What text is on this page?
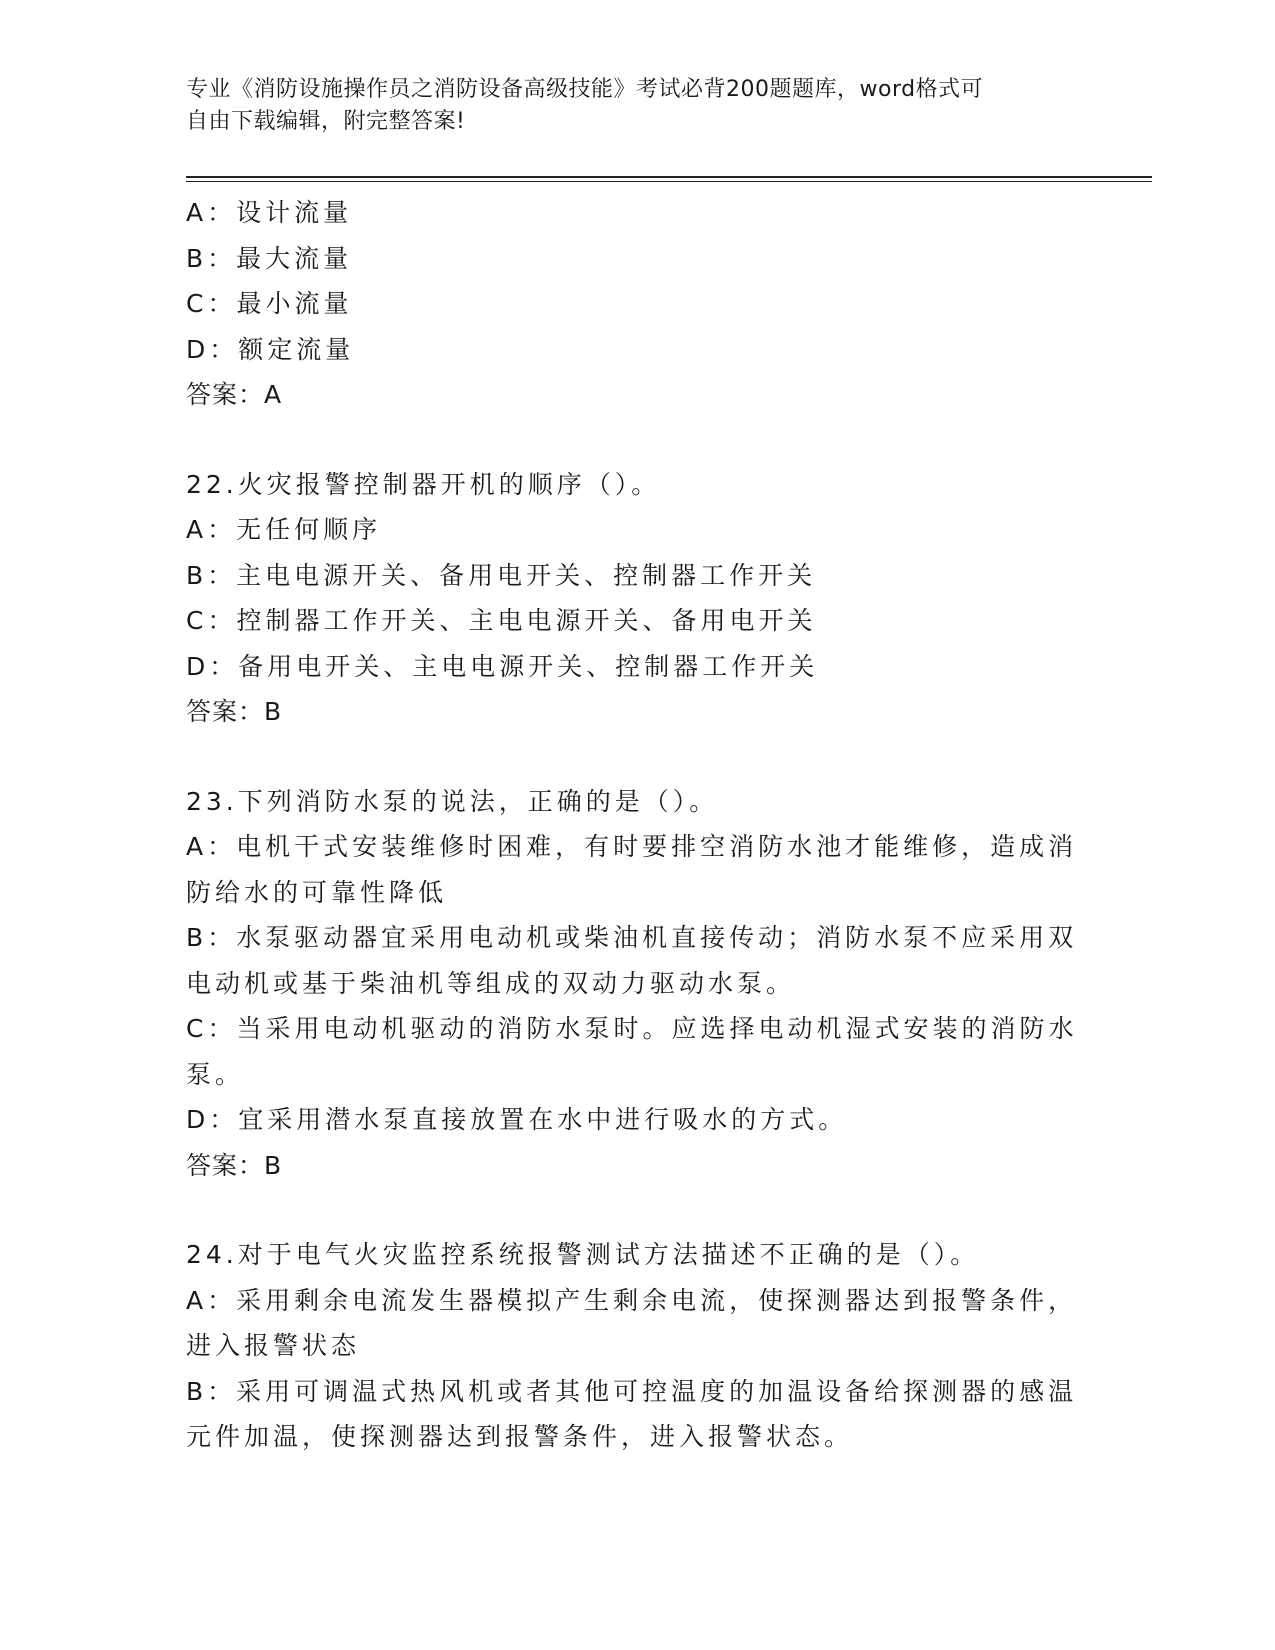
专业《消防设施操作员之消防设备高级技能》考试必背200题题库，word格式可
自由下载编辑，附完整答案!

A：设计流量

B：最大流量

C：最小流量

D：额定流量

答案：A

22.火灾报警控制器开机的顺序（）。

A：无任何顺序

B：主电电源开关、备用电开关、控制器工作开关

C：控制器工作开关、主电电源开关、备用电开关

D：备用电开关、主电电源开关、控制器工作开关

答案：B

23.下列消防水泵的说法，正确的是（）。

A：电机干式安装维修时困难，有时要排空消防水池才能维修，造成消

防给水的可靠性降低

B：水泵驱动器宜采用电动机或柴油机直接传动；消防水泵不应采用双

电动机或基于柴油机等组成的双动力驱动水泵。

C：当采用电动机驱动的消防水泵时。应选择电动机湿式安装的消防水

泵。

D：宜采用潜水泵直接放置在水中进行吸水的方式。

答案：B

24.对于电气火灾监控系统报警测试方法描述不正确的是（）。

A：采用剩余电流发生器模拟产生剩余电流，使探测器达到报警条件，

进入报警状态

B：采用可调温式热风机或者其他可控温度的加温设备给探测器的感温

元件加温，使探测器达到报警条件，进入报警状态。
